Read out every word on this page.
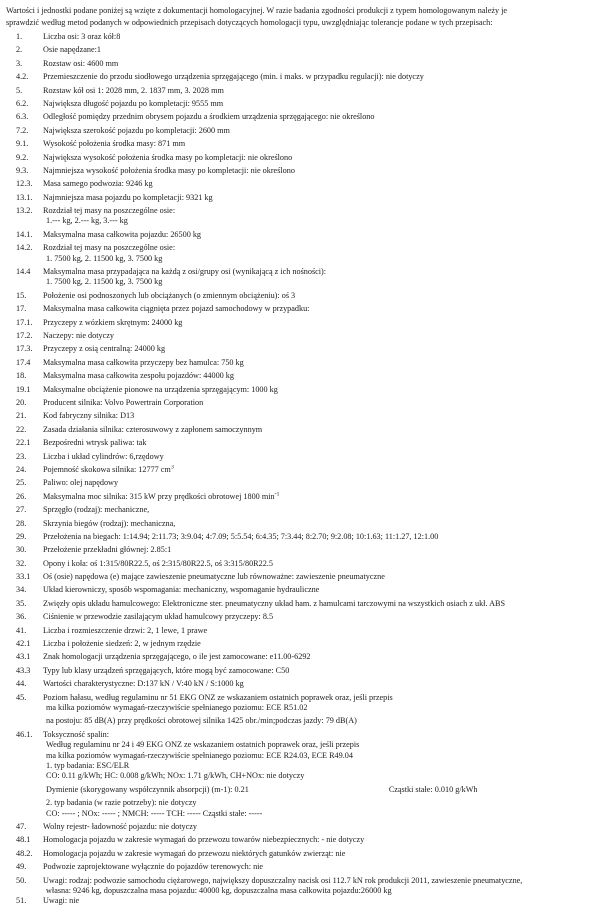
Wartości i jednostki podane poniżej są wzięte z dokumentacji homologacyjnej. W razie badania zgodności produkcji z typem homologowanym należy je
sprawdzić według metod podanych w odpowiednich przepisach dotyczących homologacji typu, uwzględniając tolerancje podane w tych przepisach:
1.	Liczba osi: 3 oraz kół:8
2.	Osie napędzane:1
3.	Rozstaw osi: 4600 mm
4.2.	Przemieszczenie do przodu siodłowego urządzenia sprzęgającego (min. i maks. w przypadku regulacji): nie dotyczy
5.	Rozstaw kół osi 1: 2028 mm, 2. 1837 mm, 3. 2028 mm
6.2.	Największa długość pojazdu po kompletacji: 9555 mm
6.3.	Odległość pomiędzy przednim obrysem pojazdu a środkiem urządzenia sprzęgającego: nie określono
7.2.	Największa szerokość pojazdu po kompletacji: 2600 mm
9.1.	Wysokość położenia środka masy: 871 mm
9.2.	Największa wysokość położenia środka masy po kompletacji: nie określono
9.3.	Najmniejsza wysokość położenia środka masy po kompletacji: nie określono
12.3.	Masa samego podwozia: 9246 kg
13.1.	Najmniejsza masa pojazdu po kompletacji: 9321 kg
13.2.	Rozdział tej masy na poszczególne osie:
1.--- kg, 2.--- kg, 3.--- kg
14.1.	Maksymalna masa całkowita pojazdu: 26500 kg
14.2.	Rozdział tej masy na poszczególne osie:
1. 7500 kg, 2. 11500 kg, 3. 7500 kg
14.4	Maksymalna masa przypadająca na każdą z osi/grupy osi (wynikającą z ich nośności):
1. 7500 kg, 2. 11500 kg, 3. 7500 kg
15.	Położenie osi podnoszonych lub obciążanych (o zmiennym obciążeniu): oś 3
17.	Maksymalna masa całkowita ciągnięta przez pojazd samochodowy w przypadku:
17.1.	Przyczepy z wózkiem skrętnym: 24000 kg
17.2.	Naczepy: nie dotyczy
17.3.	Przyczepy z osią centralną: 24000 kg
17.4	Maksymalna masa całkowita przyczepy bez hamulca: 750 kg
18.	Maksymalna masa całkowita zespołu pojazdów: 44000 kg
19.1	Maksymalne obciążenie pionowe na urządzenia sprzęgającym: 1000 kg
20.	Producent silnika: Volvo Powertrain Corporation
21.	Kod fabryczny silnika: D13
22.	Zasada działania silnika: czterosuwowy z zapłonem samoczynnym
22.1	Bezpośredni wtrysk paliwa: tak
23.	Liczba i układ cylindrów: 6,rzędowy
24.	Pojemność skokowa silnika: 12777 $cm^3$
25.	Paliwo: olej napędowy
26.	Maksymalna moc silnika: 315 kW przy prędkości obrotowej 1800 $\min^{-1}$
27.	Sprzęgło (rodzaj): mechaniczne,
28.	Skrzynia biegów (rodzaj): mechaniczna,
29.	Przełożenia na biegach: 1:14.94; 2:11.73; 3:9.04; 4:7.09; 5:5.54; 6:4.35; 7:3.44; 8:2.70; 9:2.08; 10:1.63; 11:1.27, 12:1.00
30.	Przełożenie przekładni głównej: 2.85:1
32.	Opony i koła: oś 1:315/80R22.5, oś 2:315/80R22.5, oś 3:315/80R22.5
33.1	Oś (osie) napędowa (e) mające zawieszenie pneumatyczne lub równoważne: zawieszenie pneumatyczne
34.	Układ kierowniczy, sposób wspomagania: mechaniczny, wspomaganie hydrauliczne
35.	Zwięzły opis układu hamulcowego: Elektroniczne ster. pneumatyczny układ ham. z hamulcami tarczowymi na wszystkich osiach z ukł. ABS
36.	Ciśnienie w przewodzie zasilającym układ hamulcowy przyczepy: 8.5
41.	Liczba i rozmieszczenie drzwi: 2, 1 lewe, 1 prawe
42.1	Liczba i położenie siedzeń: 2, w jednym rzędzie
43.1	Znak homologacji urządzenia sprzęgającego, o ile jest zamocowane: e11.00-6292
43.3	Typy lub klasy urządzeń sprzęgających, które mogą być zamocowane: C50
44.	Wartości charakterystyczne: D:137 kN / V:40 kN / S:1000 kg
45.	Poziom hałasu, według regulaminu nr 51 EKG ONZ ze wskazaniem ostatnich poprawek oraz, jeśli przepis
ma kilka poziomów wymagań-rzeczywiście spełnianego poziomu: ECE R51.02
na postoju: 85 dB(A) przy prędkości obrotowej silnika 1425 obr./min;podczas jazdy: 79 dB(A)
46.1.	Toksyczność spalin:
Według regulaminu nr 24 i 49 EKG ONZ ze wskazaniem ostatnich poprawek oraz, jeśli przepis
ma kilka poziomów wymagań-rzeczywiście spełnianego poziomu: ECE R24.03, ECE R49.04
1. typ badania: ESC/ELR
CO: 0.11 g/kWh; HC: 0.008 g/kWh; NOx: 1.71 g/kWh, CH+NOx: nie dotyczy
Dymienie (skorygowany współczynnik absorpcji) (m-1): 0.21	Cząstki stałe: 0.010 g/kWh
2. typ badania (w razie potrzeby): nie dotyczy
CO: ----- ; NOx: ----- ; NMCH: ----- TCH: ----- Cząstki stałe: -----
47.	Wolny rejestr- ładowność pojazdu: nie dotyczy
48.1	Homologacja pojazdu w zakresie wymagań do przewozu towarów niebezpiecznych: - nie dotyczy
48.2.	Homologacja pojazdu w zakresie wymagań do przewozu niektórych gatunków zwierząt: nie
49.	Podwozie zaprojektowane wyłącznie do pojazdów terenowych: nie
50.	Uwagi: rodzaj: podwozie samochodu ciężarowego, największy dopuszczalny nacisk osi 112.7 kN rok produkcji 2011, zawieszenie pneumatyczne,
własna: 9246 kg, dopuszczalna masa pojazdu: 40000 kg, dopuszczalna masa całkowita pojazdu:26000 kg
51.	Uwagi: nie
